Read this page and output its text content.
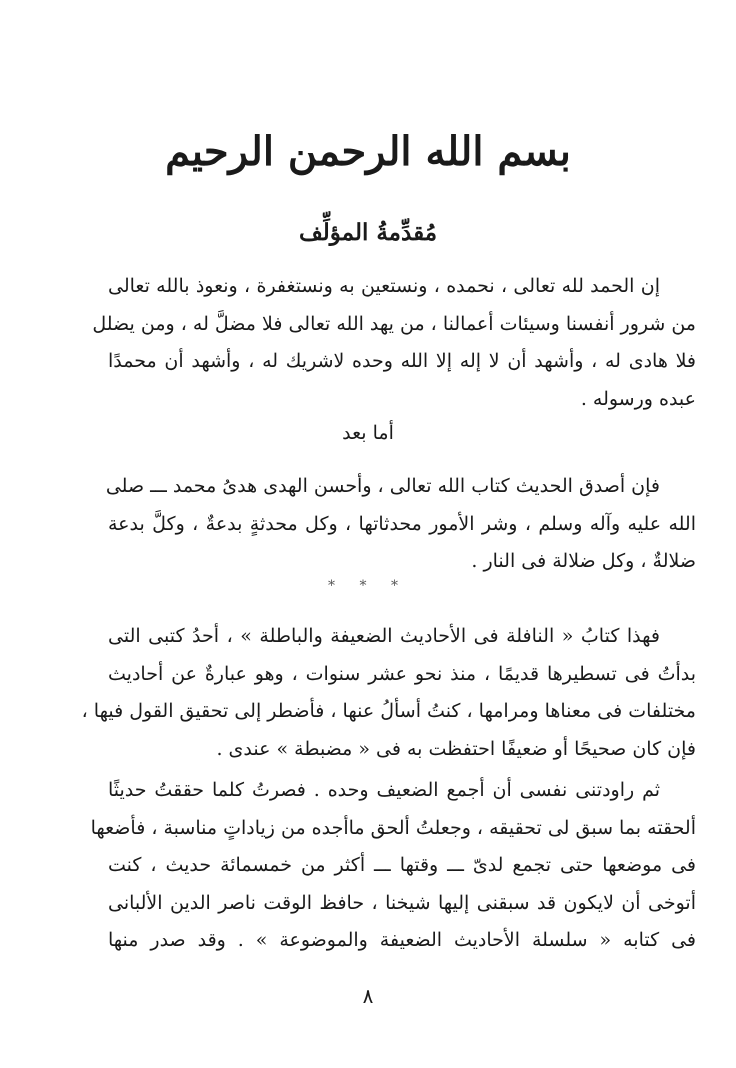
بسم الله الرحمن الرحيم
مُقدِّمةُ المؤلِّف
إن الحمد لله تعالى ، نحمده ، ونستعين به ونستغفرة ، ونعوذ بالله تعالى
من شرور أنفسنا وسيئات أعمالنا ، من يهد الله تعالى فلا مضلَّ له ، ومن يضلل
فلا هادى له ، وأشهد أن لا إله إلا الله وحده لاشريك له ، وأشهد أن محمدًا
عبده ورسوله .
أما بعد
فإن أصدق الحديث كتاب الله تعالى ، وأحسن الهدى هدىُ محمد ـــ صلى
الله عليه وآله وسلم ، وشر الأمور محدثاتها ، وكل محدثةٍ بدعةٌ ، وكلَّ بدعة
ضلالةٌ ، وكل ضلالة فى النار .
* * *
فهذا كتابُ « النافلة فى الأحاديث الضعيفة والباطلة » ، أحدُ كتبى التى
بدأتُ فى تسطيرها قديمًا ، منذ نحو عشر سنوات ، وهو عبارةٌ عن أحاديث
مختلفات فى معناها ومرامها ، كنتُ أسألُ عنها ، فأضطر إلى تحقيق القول فيها ،
فإن كان صحيحًا أو ضعيفًا احتفظت به فى « مضبطة » عندى .
ثم راودتنى نفسى أن أجمع الضعيف وحده . فصرتُ كلما حققتُ حديثًا
ألحقته بما سبق لى تحقيقه ، وجعلتُ ألحق ماأجده من زياداتٍ مناسبة ، فأضعها
فى موضعها حتى تجمع لدىّ ـــ وقتها ـــ أكثر من خمسمائة حديث ، كنت
أتوخى أن لايكون قد سبقنى إليها شيخنا ، حافظ الوقت ناصر الدين الألبانى
فى كتابه « سلسلة الأحاديث الضعيفة والموضوعة » . وقد صدر منها
٨
